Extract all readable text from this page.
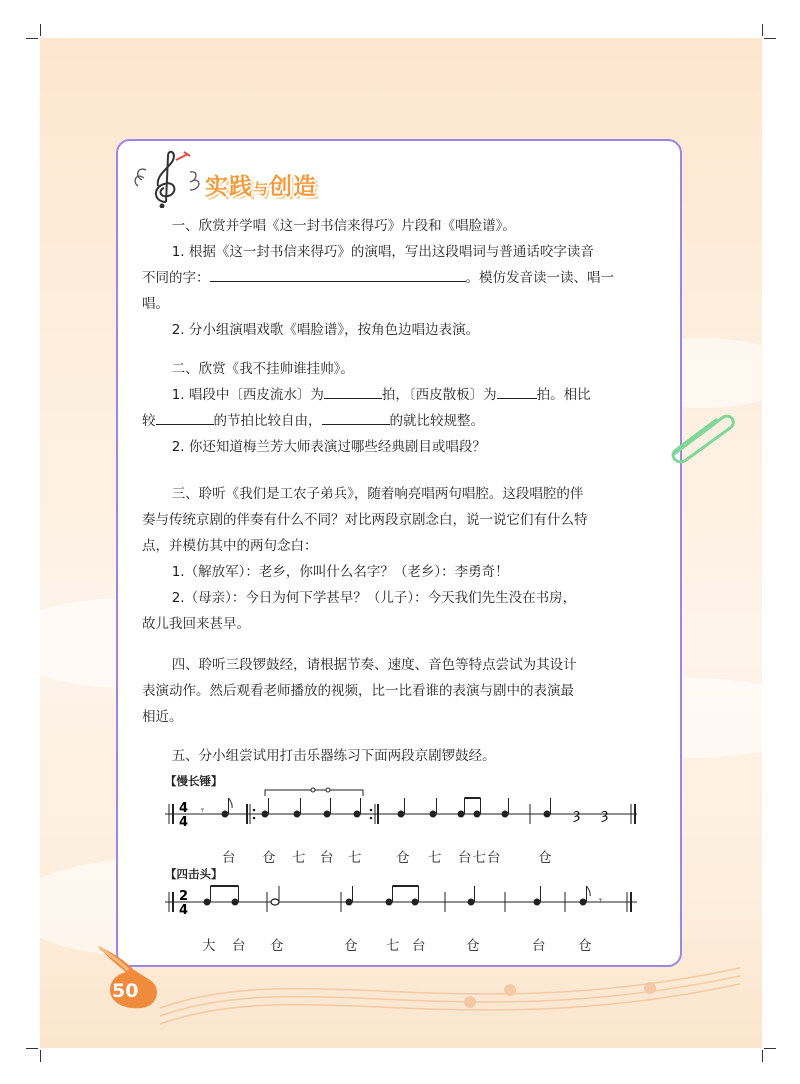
实践与创造

一、欣赏并学唱《这一封书信来得巧》片段和《唱脸谱》。

1. 根据《这一封书信来得巧》的演唱，写出这段唱词与普通话咬字读音

不同的字：	。模仿发音读一读、唱一

唱。

2. 分小组演唱戏歌《唱脸谱》，按角色边唱边表演。

二、欣赏《我不挂帅谁挂帅》。

1. 唱段中〔西皮流水〕为	拍，〔西皮散板〕为	拍。相比

较	的节拍比较自由，	的就比较规整。

2. 你还知道梅兰芳大师表演过哪些经典剧目或唱段？

三、聆听《我们是工农子弟兵》，随着响亮唱两句唱腔。这段唱腔的伴

奏与传统京剧的伴奏有什么不同？对比两段京剧念白，说一说它们有什么特

点，并模仿其中的两句念白：

1.（解放军）：老乡，你叫什么名字？（老乡）：李勇奇！

2.（母亲）：今日为何下学甚早？（儿子）：今天我们先生没在书房，

故儿我回来甚早。

四、聆听三段锣鼓经，请根据节奏、速度、音色等特点尝试为其设计

表演动作。然后观看老师播放的视频，比一比看谁的表演与剧中的表演最

相近。

五、分小组尝试用打击乐器练习下面两段京剧锣鼓经。

【慢长锤】
4
4
𝄾	ȝ ȝ
台 仓 七 台 七	仓 七 台七台	仓
【四击头】
2
4
𝄾
大 台 仓	仓 七 台	仓	台 仓
50
